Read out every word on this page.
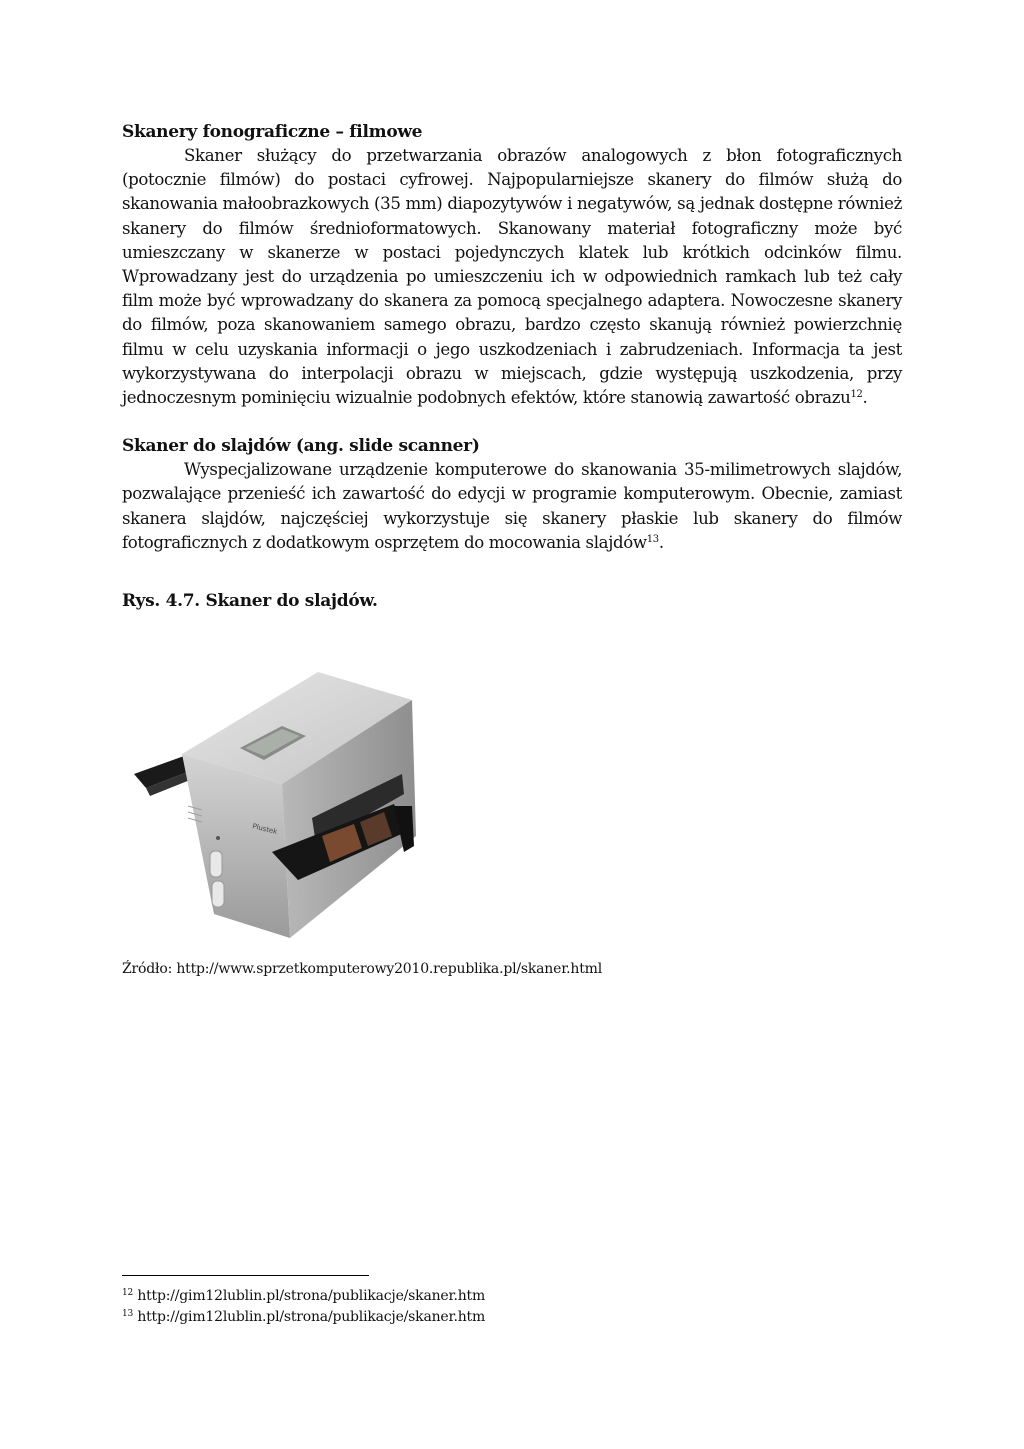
Skanery fonograficzne – filmowe

Skaner służący do przetwarzania obrazów analogowych z błon fotograficznych (potocznie filmów) do postaci cyfrowej. Najpopularniejsze skanery do filmów służą do skanowania małoobrazkowych (35 mm) diapozytywów i negatywów, są jednak dostępne również skanery do filmów średnioformatowych. Skanowany materiał fotograficzny może być umieszczany w skanerze w postaci pojedynczych klatek lub krótkich odcinków filmu. Wprowadzany jest do urządzenia po umieszczeniu ich w odpowiednich ramkach lub też cały film może być wprowadzany do skanera za pomocą specjalnego adaptera. Nowoczesne skanery do filmów, poza skanowaniem samego obrazu, bardzo często skanują również powierzchnię filmu w celu uzyskania informacji o jego uszkodzeniach i zabrudzeniach. Informacja ta jest wykorzystywana do interpolacji obrazu w miejscach, gdzie występują uszkodzenia, przy jednoczesnym pominięciu wizualnie podobnych efektów, które stanowią zawartość obrazu$^{12}$.

Skaner do slajdów (ang. slide scanner)

Wyspecjalizowane urządzenie komputerowe do skanowania 35-milimetrowych slajdów, pozwalające przenieść ich zawartość do edycji w programie komputerowym. Obecnie, zamiast skanera slajdów, najczęściej wykorzystuje się skanery płaskie lub skanery do filmów fotograficznych z dodatkowym osprzętem do mocowania slajdów$^{13}$.

Rys. 4.7. Skaner do slajdów.
Plustek
Źródło: http://www.sprzetkomputerowy2010.republika.pl/skaner.html
$^{12}$ http://gim12lublin.pl/strona/publikacje/skaner.htm
$^{13}$ http://gim12lublin.pl/strona/publikacje/skaner.htm
